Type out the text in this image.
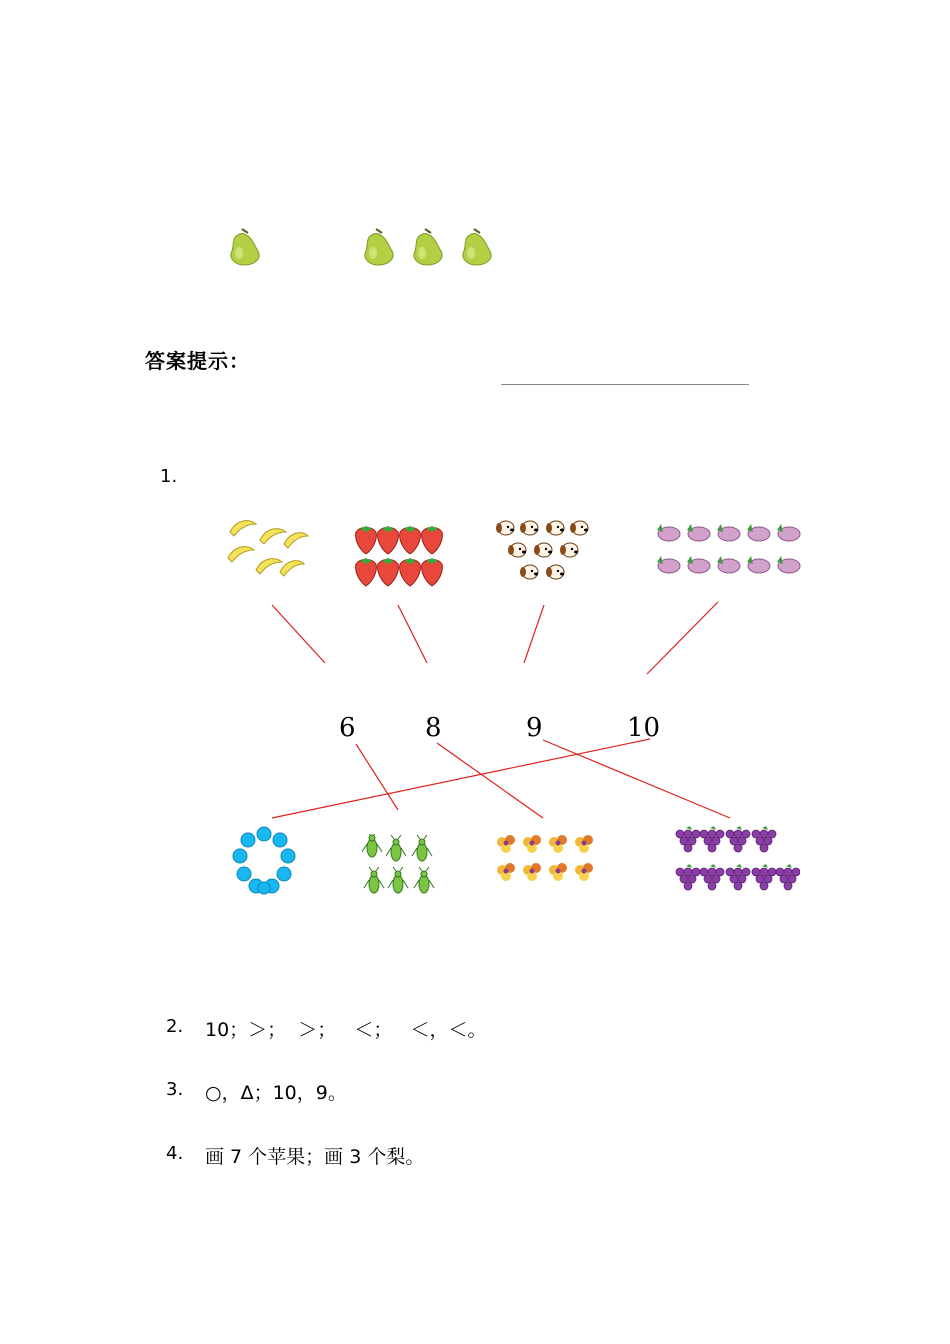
答案提示：
1.
6	8	9	10
2. 10；＞；  ＞；   ＜；   ＜，＜。
3. ○，Δ；10，9。
4. 画 7 个苹果；画 3 个梨。
